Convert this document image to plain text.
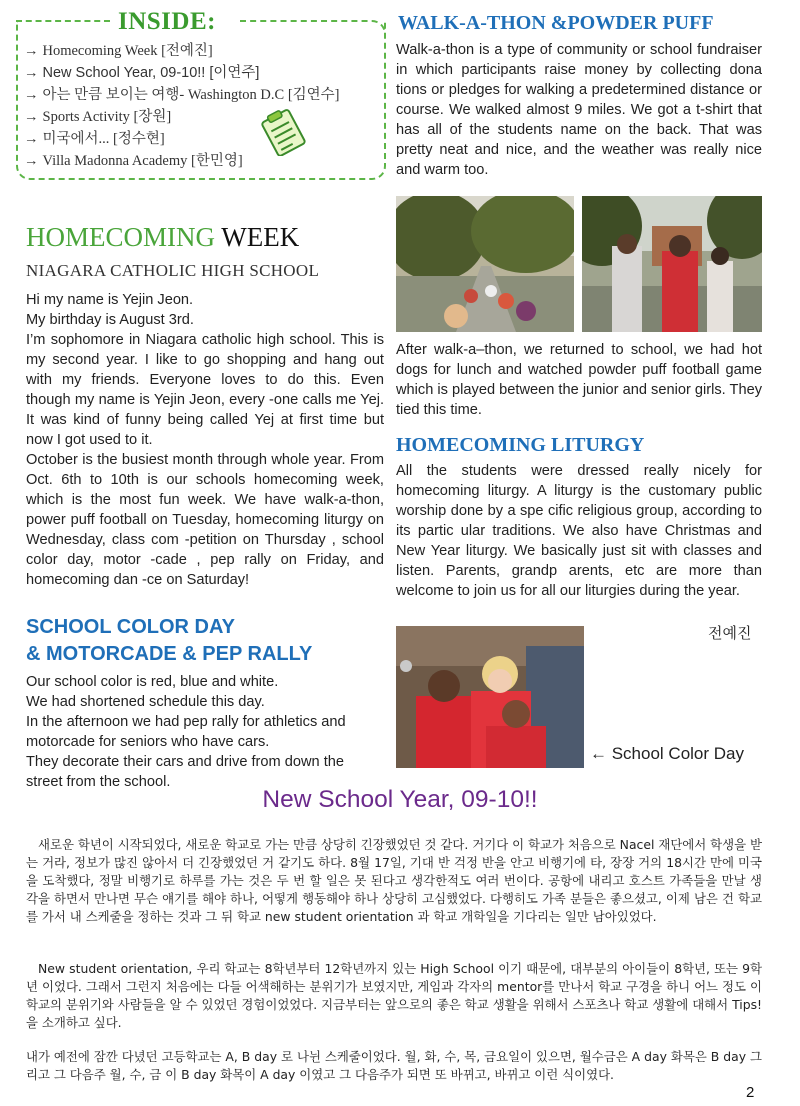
INSIDE:
→ Homecoming Week [전예진]
→ New School Year, 09-10!! [이연주]
→ 아는 만큼 보이는 여행- Washington D.C [김연수]
→ Sports Activity [장원]
→ 미국에서... [정수현]
→ Villa Madonna Academy [한민영]
WALK-A-THON &POWDER PUFF
Walk-a-thon is a type of community or school fundraiser in which participants raise money by collecting dona tions or pledges for walking a predetermined distance or course. We walked almost 9 miles. We got a t-shirt that has all of the students name on the back. That was pretty neat and nice, and the weather was really nice and warm too.
After walk-a–thon, we returned to school, we had hot dogs for lunch and watched powder puff football game which is played between the junior and senior girls. They tied this time.
HOMECOMING WEEK
NIAGARA CATHOLIC HIGH SCHOOL
Hi my name is Yejin Jeon.
My birthday is August 3rd.
I’m sophomore in Niagara catholic high school. This is my second year. I like to go shopping and hang out with my friends. Everyone loves to do this. Even though my name is Yejin Jeon, every -one calls me Yej. It was kind of funny being called Yej at first time but now I got used to it.
October is the busiest month through whole year. From Oct. 6th to 10th is our schools homecoming week, which is the most fun week. We have walk-a-thon, power puff football on Tuesday, homecoming liturgy on Wednesday, class com -petition on Thursday , school color day, motor -cade , pep rally on Friday, and homecoming dan -ce on Saturday!
HOMECOMING LITURGY
All the students were dressed really nicely for homecoming liturgy. A liturgy is the customary public worship done by a spe cific religious group, according to its partic ular traditions. We also have Christmas and New Year liturgy. We basically just sit with classes and listen. Parents, grandp arents, etc are more than welcome to join us for all our liturgies during the year.
전예진
SCHOOL COLOR DAY
& MOTORCADE & PEP RALLY
Our school color is red, blue and white.
We had shortened schedule this day.
In the afternoon we had pep rally for athletics and motorcade for seniors who have cars.
They decorate their cars and drive from down the street from the school.
← School Color Day
New School Year, 09-10!!
새로운 학년이 시작되었다, 새로운 학교로 가는 만큼 상당히 긴장했었던 것 같다. 거기다 이 학교가 처음으로 Nacel 재단에서 학생을 받는 거라, 정보가 많진 않아서 더 긴장했었던 거 같기도 하다. 8월 17일, 기대 반 걱정 반을 안고 비행기에 타, 장장 거의 18시간 만에 미국을 도착했다, 정말 비행기로 하루를 가는 것은 두 번 할 일은 못 된다고 생각한적도 여러 번이다. 공항에 내리고 호스트 가족들을 만날 생각을 하면서 만나면 무슨 얘기를 해야 하나, 어떻게 행동해야 하나 상당히 고심했었다. 다행히도 가족 분들은 좋으셨고, 이제 남은 건 학교를 가서 내 스케줄을 정하는 것과 그 뒤 학교 new student orientation 과 학교 개학일을 기다리는 일만 남아있었다.
New student orientation, 우리 학교는 8학년부터 12학년까지 있는 High School 이기 때문에, 대부분의 아이들이 8학년, 또는 9학년 이었다. 그래서 그런지 처음에는 다들 어색해하는 분위기가 보였지만, 게임과 각자의 mentor를 만나서 학교 구경을 하니 어느 정도 이학교의 분위기와 사람들을 알 수 있었던 경험이었었다. 지금부터는 앞으로의 좋은 학교 생활을 위해서 스포츠나 학교 생활에 대해서 Tips! 을 소개하고 싶다.
내가 예전에 잠깐 다녔던 고등학교는 A, B day 로 나뉜 스케줄이었다. 월, 화, 수, 목, 금요일이 있으면, 월수금은 A day 화목은 B day 그리고 그 다음주 월, 수, 금 이 B day 화목이 A day 이였고 그 다음주가 되면 또 바뀌고, 바뀌고 이런 식이였다.
2
